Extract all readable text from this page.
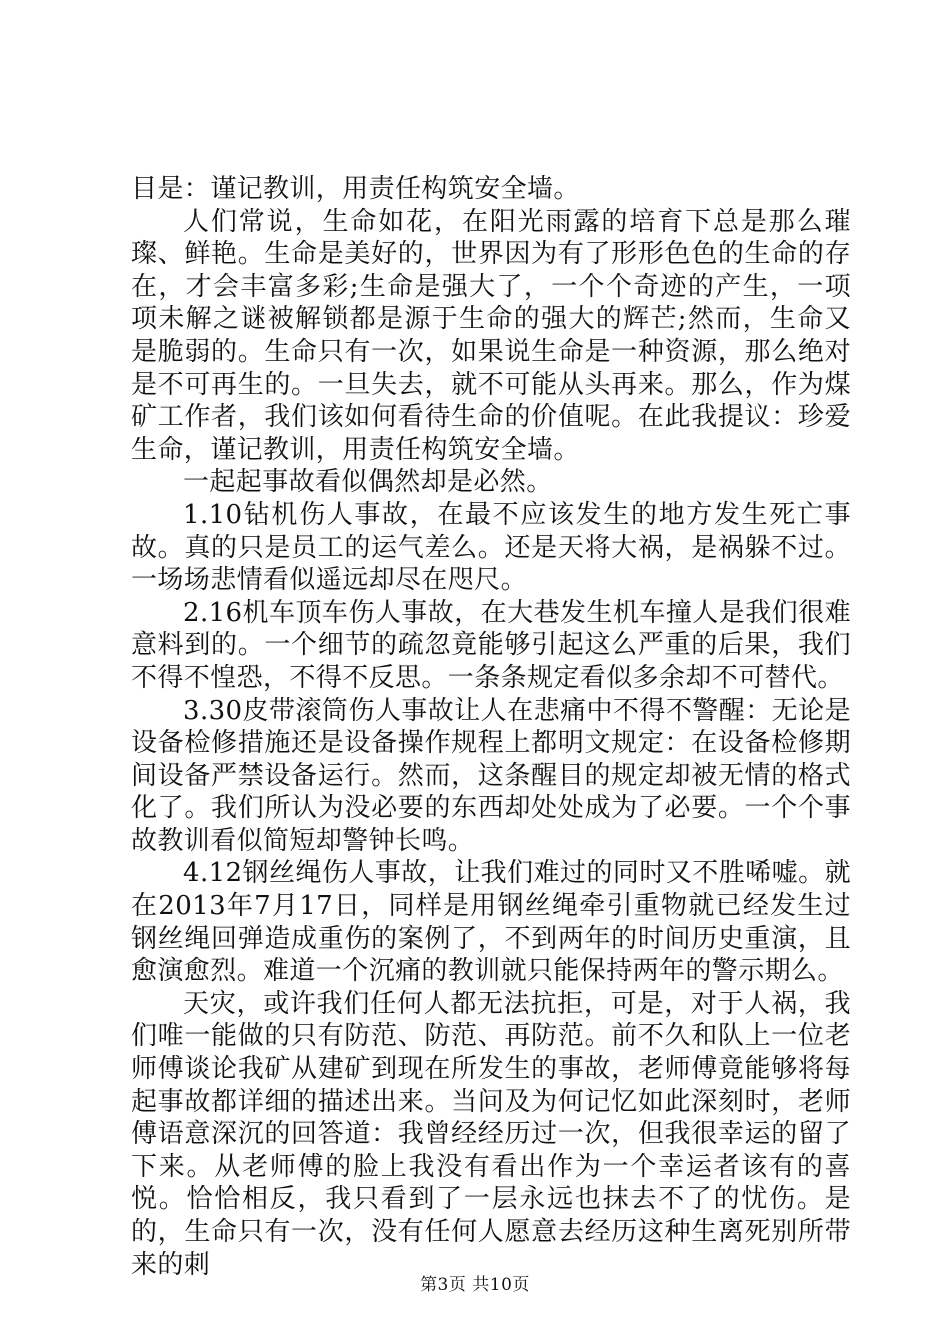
目是：谨记教训，用责任构筑安全墙。

人们常说，生命如花，在阳光雨露的培育下总是那么璀璨、鲜艳。生命是美好的，世界因为有了形形色色的生命的存在，才会丰富多彩;生命是强大了，一个个奇迹的产生，一项项未解之谜被解锁都是源于生命的强大的辉芒;然而，生命又是脆弱的。生命只有一次，如果说生命是一种资源，那么绝对是不可再生的。一旦失去，就不可能从头再来。那么，作为煤矿工作者，我们该如何看待生命的价值呢。在此我提议：珍爱生命，谨记教训，用责任构筑安全墙。

一起起事故看似偶然却是必然。

1.10钻机伤人事故，在最不应该发生的地方发生死亡事故。真的只是员工的运气差么。还是天将大祸，是祸躲不过。一场场悲情看似遥远却尽在咫尺。

2.16机车顶车伤人事故，在大巷发生机车撞人是我们很难意料到的。一个细节的疏忽竟能够引起这么严重的后果，我们不得不惶恐，不得不反思。一条条规定看似多余却不可替代。

3.30皮带滚筒伤人事故让人在悲痛中不得不警醒：无论是设备检修措施还是设备操作规程上都明文规定：在设备检修期间设备严禁设备运行。然而，这条醒目的规定却被无情的格式化了。我们所认为没必要的东西却处处成为了必要。一个个事故教训看似简短却警钟长鸣。

4.12钢丝绳伤人事故，让我们难过的同时又不胜唏嘘。就在2013年7月17日，同样是用钢丝绳牵引重物就已经发生过钢丝绳回弹造成重伤的案例了，不到两年的时间历史重演，且愈演愈烈。难道一个沉痛的教训就只能保持两年的警示期么。

天灾，或许我们任何人都无法抗拒，可是，对于人祸，我们唯一能做的只有防范、防范、再防范。前不久和队上一位老师傅谈论我矿从建矿到现在所发生的事故，老师傅竟能够将每起事故都详细的描述出来。当问及为何记忆如此深刻时，老师傅语意深沉的回答道：我曾经经历过一次，但我很幸运的留了下来。从老师傅的脸上我没有看出作为一个幸运者该有的喜悦。恰恰相反，我只看到了一层永远也抹去不了的忧伤。是的，生命只有一次，没有任何人愿意去经历这种生离死别所带来的刺

第3页 共10页
